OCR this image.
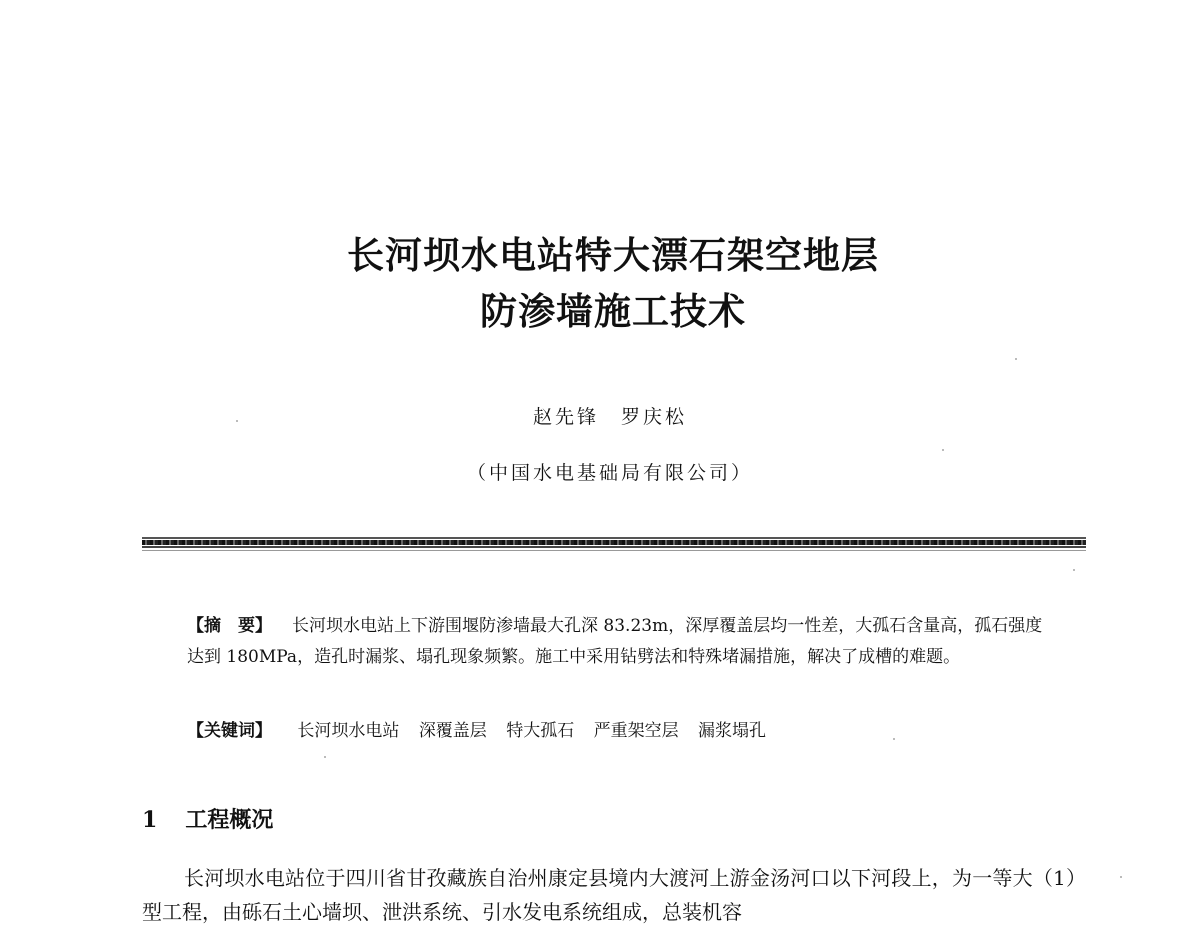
长河坝水电站特大漂石架空地层
防渗墙施工技术
赵先锋　罗庆松
（中国水电基础局有限公司）
【摘　要】 长河坝水电站上下游围堰防渗墙最大孔深 83.23m，深厚覆盖层均一性差，大孤石含量高，孤石强度达到 180MPa，造孔时漏浆、塌孔现象频繁。施工中采用钻劈法和特殊堵漏措施，解决了成槽的难题。
【关键词】 长河坝水电站 深覆盖层 特大孤石 严重架空层 漏浆塌孔
1 工程概况
长河坝水电站位于四川省甘孜藏族自治州康定县境内大渡河上游金汤河口以下河段上，为一等大（1）型工程，由砾石土心墙坝、泄洪系统、引水发电系统组成，总装机容
